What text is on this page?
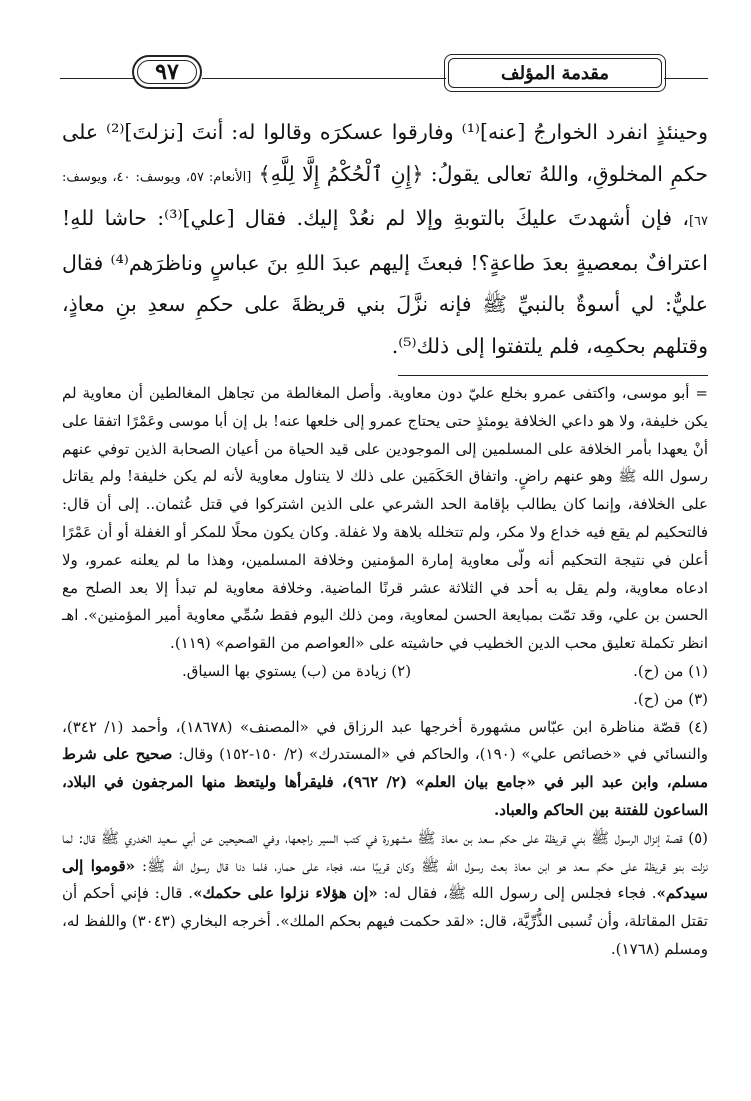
٩٧	مقدمة المؤلف

وحينئذٍ انفرد الخوارجُ [عنه]⁽¹⁾ وفارقوا عسكرَه وقالوا له: أنتَ [نزلتَ]⁽²⁾ على حكمِ المخلوقِ، واللهُ تعالى يقولُ: ﴿إِنِ ٱلْحُكْمُ إِلَّا لِلَّهِ﴾ [الأنعام: ٥٧، ويوسف: ٤٠، ويوسف: ٦٧]، فإن أشهدتَ عليكَ بالتوبةِ وإلا لم نعُدْ إليك. فقال [علي]⁽³⁾: حاشا للهِ! اعترافٌ بمعصيةٍ بعدَ طاعةٍ؟! فبعثَ إليهم عبدَ اللهِ بنَ عباسٍ وناظرَهم⁽⁴⁾ فقال عليٌّ: لي أسوةٌ بالنبيِّ ﷺ فإنه نزَّلَ بني قريظةَ على حكمِ سعدِ بنِ معاذٍ، وقتلهم بحكمِه، فلم يلتفتوا إلى ذلك⁽⁵⁾.

= أبو موسى، واكتفى عمرو بخلع عليّ دون معاوية. وأصل المغالطة من تجاهل المغالطين أن معاوية لم يكن خليفة، ولا هو داعي الخلافة يومئذٍ حتى يحتاج عمرو إلى خلعها عنه! بل إن أبا موسى وعَمْرًا اتفقا على أنْ يعهدا بأمر الخلافة على المسلمين إلى الموجودين على قيد الحياة من أعيان الصحابة الذين توفي عنهم رسول الله ﷺ وهو عنهم راضٍ. واتفاق الحَكَمَين على ذلك لا يتناول معاوية لأنه لم يكن خليفة! ولم يقاتل على الخلافة، وإنما كان يطالب بإقامة الحد الشرعي على الذين اشتركوا في قتل عُثمان.. إلى أن قال: فالتحكيم لم يقع فيه خداع ولا مكر، ولم تتخلله بلاهة ولا غفلة. وكان يكون محلًا للمكر أو الغفلة أو أن عَمْرًا أعلن في نتيجة التحكيم أنه ولّى معاوية إمارة المؤمنين وخلافة المسلمين، وهذا ما لم يعلنه عمرو، ولا ادعاه معاوية، ولم يقل به أحد في الثلاثة عشر قرنًا الماضية. وخلافة معاوية لم تبدأ إلا بعد الصلح مع الحسن بن علي، وقد تمّت بمبايعة الحسن لمعاوية، ومن ذلك اليوم فقط سُمِّي معاوية أمير المؤمنين». اهـ انظر تكملة تعليق محب الدين الخطيب في حاشيته على «العواصم من القواصم» (١١٩).

(١) من (ح).
(٢) زيادة من (ب) يستوي بها السياق.

(٣) من (ح).

(٤) قصّة مناظرة ابن عبّاس مشهورة أخرجها عبد الرزاق في «المصنف» (١٨٦٧٨)، وأحمد (١/ ٣٤٢)، والنسائي في «خصائص علي» (١٩٠)، والحاكم في «المستدرك» (٢/ ١٥٠-١٥٢) وقال: صحيح على شرط مسلم، وابن عبد البر في «جامع بيان العلم» (٢/ ٩٦٢)، فليقرأها وليتعظ منها المرجفون في البلاد، الساعون للفتنة بين الحاكم والعباد.

(٥) قصة إنزال الرسول ﷺ بني قريظة على حكم سعد بن معاذ ﷺ مشهورة في كتب السير راجعها، وفي الصحيحين عن أبي سعيد الخدري ﷺ قال: لما نزلت بنو قريظة على حكم سعد هو ابن معاذ بعث رسول الله ﷺ وكان قريبًا منه، فجاء على حمار، فلما دنا قال رسول الله ﷺ: «قوموا إلى سيدكم». فجاء فجلس إلى رسول الله ﷺ، فقال له: «إن هؤلاء نزلوا على حكمك». قال: فإني أحكم أن تقتل المقاتلة، وأن تُسبى الذُّرِّيَّة، قال: «لقد حكمت فيهم بحكم الملك». أخرجه البخاري (٣٠٤٣) واللفظ له، ومسلم (١٧٦٨).
